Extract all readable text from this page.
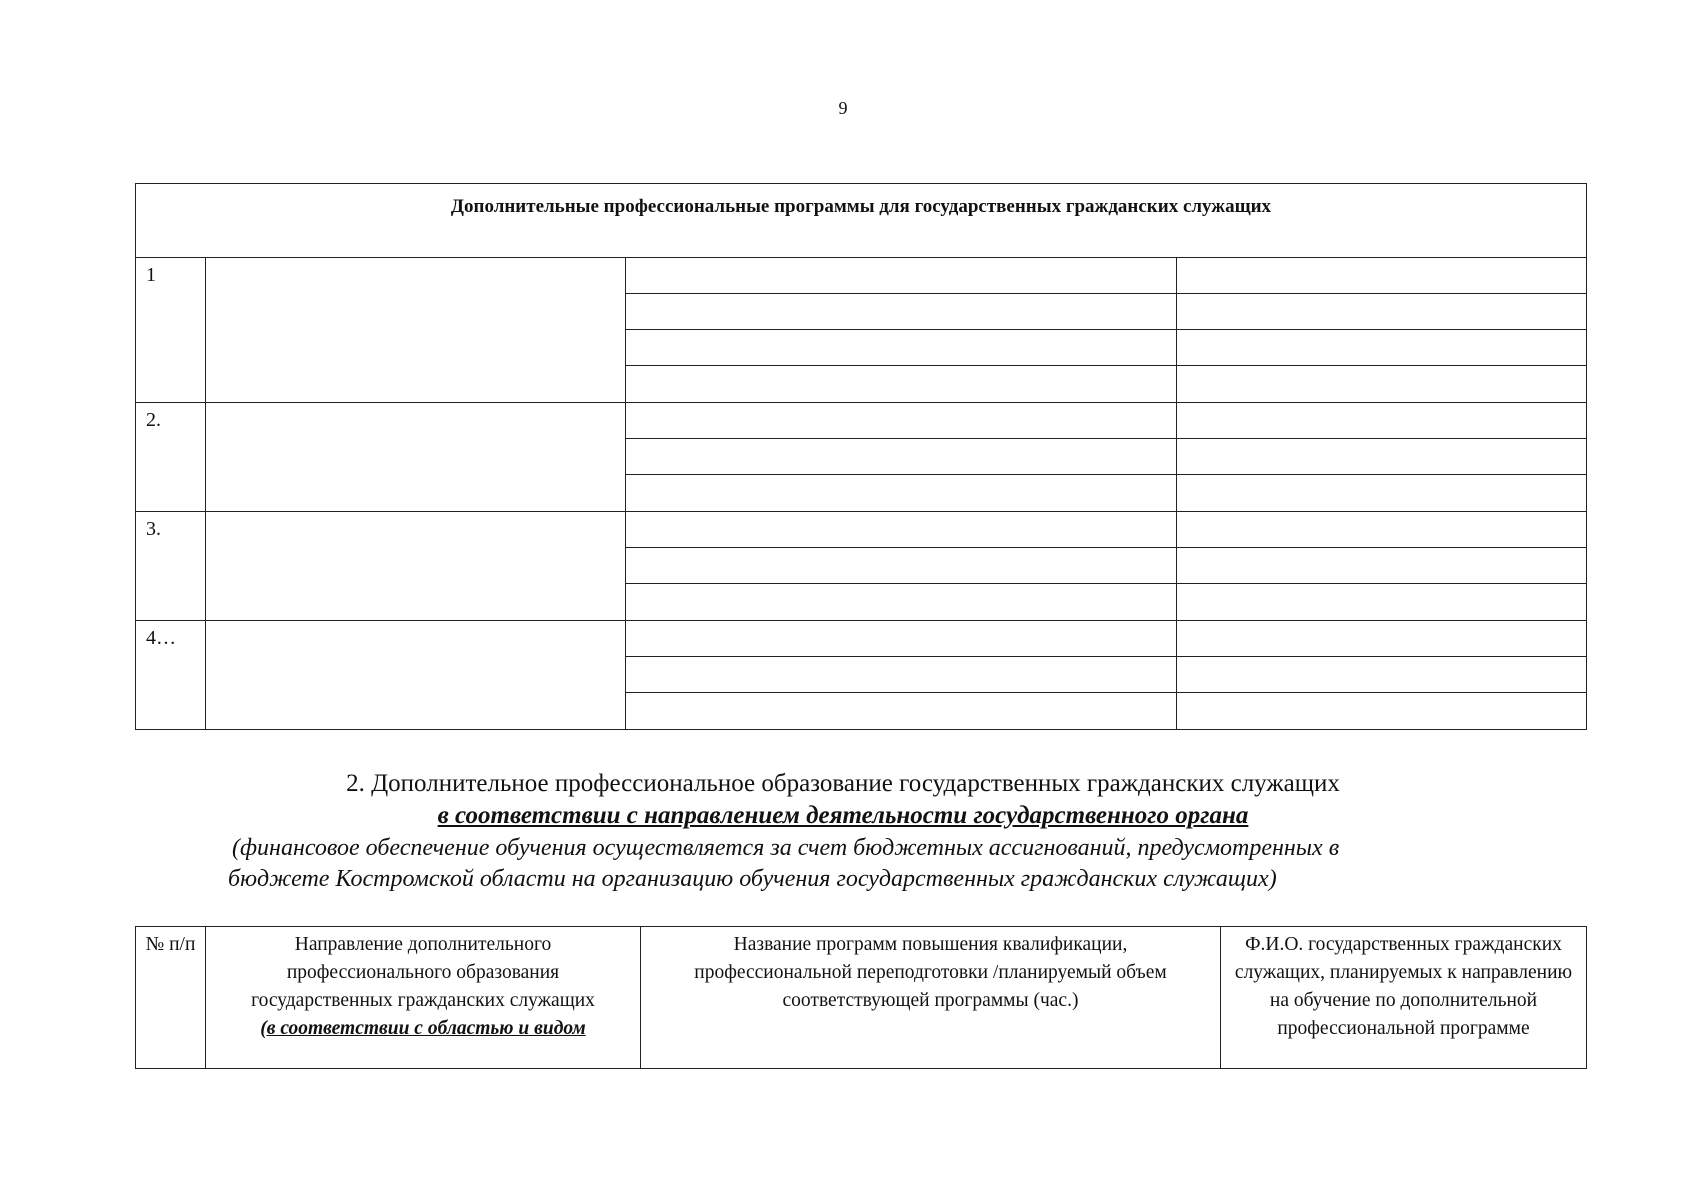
9
Дополнительные профессиональные программы для государственных гражданских служащих
1
2.
3.
4…
2. Дополнительное профессиональное образование государственных гражданских служащих
в соответствии с направлением деятельности государственного органа
(финансовое обеспечение обучения осуществляется за счет бюджетных ассигнований, предусмотренных в
бюджете Костромской области на организацию обучения государственных гражданских служащих)
№ п/п	Направление дополнительного профессионального образования государственных гражданских служащих
(в соответствии с областью и видом
Название программ повышения квалификации, профессиональной переподготовки /планируемый объем соответствующей программы (час.)
Ф.И.О. государственных гражданских служащих, планируемых к направлению на обучение по дополнительной профессиональной программе
